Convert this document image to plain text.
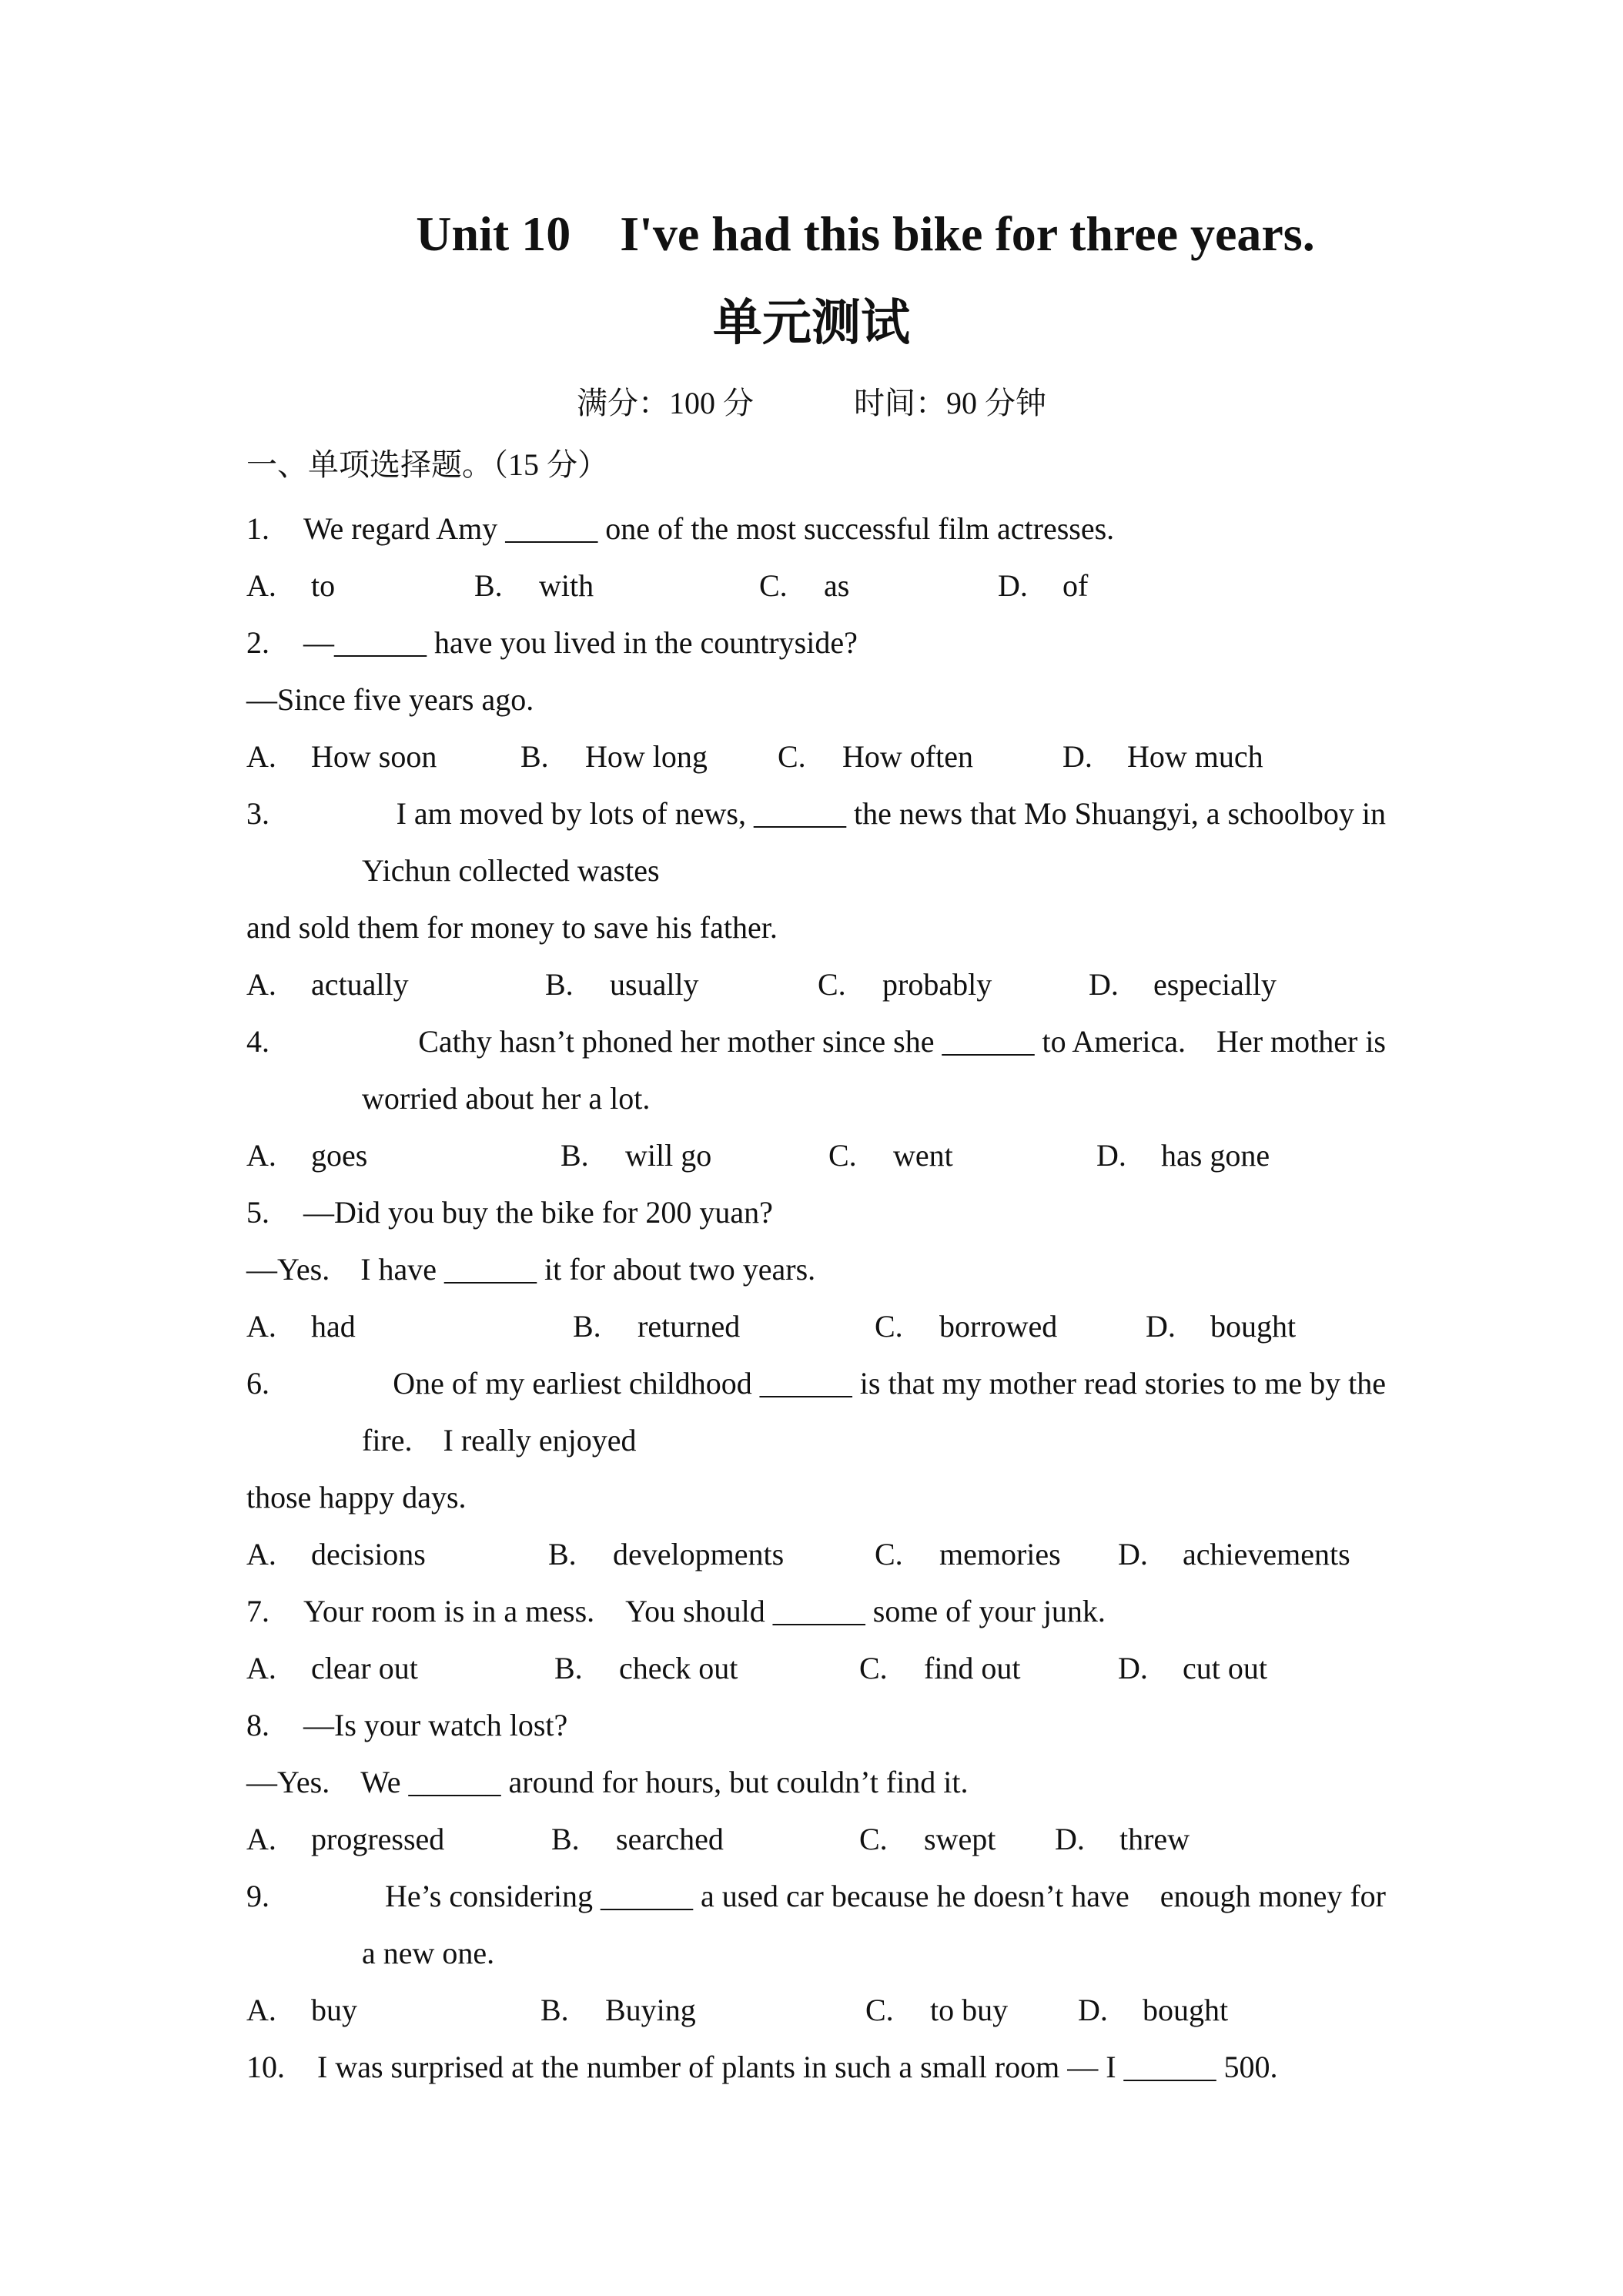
Unit 10　I've had this bike for three years.
单元测试
满分：100 分	时间：90 分钟
一、单项选择题。（15 分）
1. We regard Amy ______ one of the most successful film actresses.
A. to	B. with	C. as	D. of
2. —______ have you lived in the countryside?
—Since five years ago.
A. How soon	B. How long C. How often	D. How much
3.	I am moved by lots of news, ______ the news that Mo Shuangyi, a schoolboy in
Yichun collected wastes
and sold them for money to save his father.
A. actually	B. usually	C. probably	D. especially
4.	Cathy hasn’t phoned her mother since she ______ to America.　Her mother is
worried about her a lot.
A. goes	B. will go	C. went	D. has gone
5. —Did you buy the bike for 200 yuan?
—Yes.　I have ______ it for about two years.
A. had	B. returned	C. borrowed	D. bought
6.	One of my earliest childhood ______ is that my mother read stories to me by the
fire.　I really enjoyed
those happy days.
A. decisions	B. developments	C. memories D. achievements
7. Your room is in a mess.　You should ______ some of your junk.
A. clear out	B. check out	C. find out	D. cut out
8. —Is your watch lost?
—Yes.　We ______ around for hours, but couldn’t find it.
A. progressed	B. searched	C. swept D. threw
9.	He’s considering ______ a used car because he doesn’t have　enough money for
a new one.
A. buy	B. Buying	C. to buy D. bought
10. I was surprised at the number of plants in such a small room — I ______ 500.
